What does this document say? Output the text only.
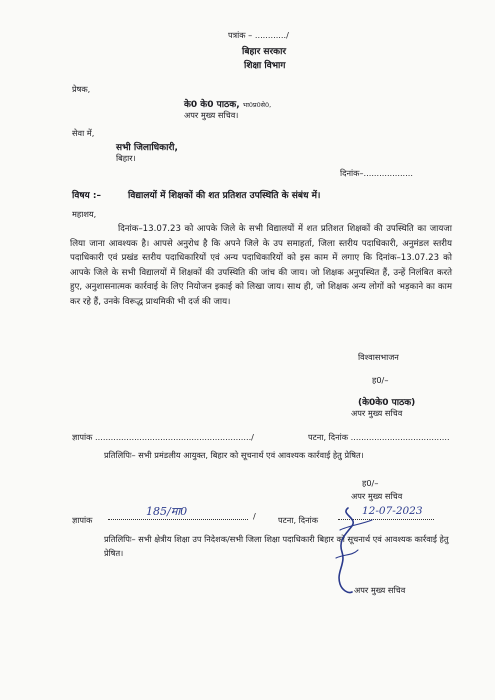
पत्रांक – ............/
बिहार सरकार
शिक्षा विभाग
प्रेषक,
के0 के0 पाठक, भा0प्र0से0,
अपर मुख्य सचिव।
सेवा में,
सभी जिलाधिकारी,
बिहार।
दिनांक–...................
विषय :–	विद्यालयों में शिक्षकों की शत प्रतिशत उपस्थिति के संबंध में।
महाशय,
दिनांक–13.07.23 को आपके जिले के सभी विद्यालयों में शत प्रतिशत शिक्षकों की उपस्थिति का जायजा लिया जाना आवश्यक है। आपसे अनुरोध है कि अपने जिले के उप समाहर्ता, जिला स्तरीय पदाधिकारी, अनुमंडल स्तरीय पदाधिकारी एवं प्रखंड स्तरीय पदाधिकारियों एवं अन्य पदाधिकारियों को इस काम में लगाए कि दिनांक–13.07.23 को आपके जिले के सभी विद्यालयों में शिक्षकों की उपस्थिति की जांच की जाय। जो शिक्षक अनुपस्थित हैं, उन्हें निलंबित करते हुए, अनुशासनात्मक कार्रवाई के लिए नियोजन इकाई को लिखा जाय। साथ ही, जो शिक्षक अन्य लोगों को भड़काने का काम कर रहे हैं, उनके विरूद्ध प्राथमिकी भी दर्ज की जाय।
विश्वासभाजन
ह0/–
(के0के0 पाठक)
अपर मुख्य सचिव
ज्ञापांक ............................................................/	पटना, दिनांक ......................................
प्रतिलिपिः– सभी प्रमंडलीय आयुक्त, बिहार को सूचनार्थ एवं आवश्यक कार्रवाई हेतु प्रेषित।
ह0/–
अपर मुख्य सचिव
ज्ञापांक
185/मा0	/	पटना, दिनांक
12-07-2023
प्रतिलिपिः– सभी क्षेत्रीय शिक्षा उप निदेशक/सभी जिला शिक्षा पदाधिकारी बिहार को सूचनार्थ एवं आवश्यक कार्रवाई हेतु प्रेषित।
अपर मुख्य सचिव
